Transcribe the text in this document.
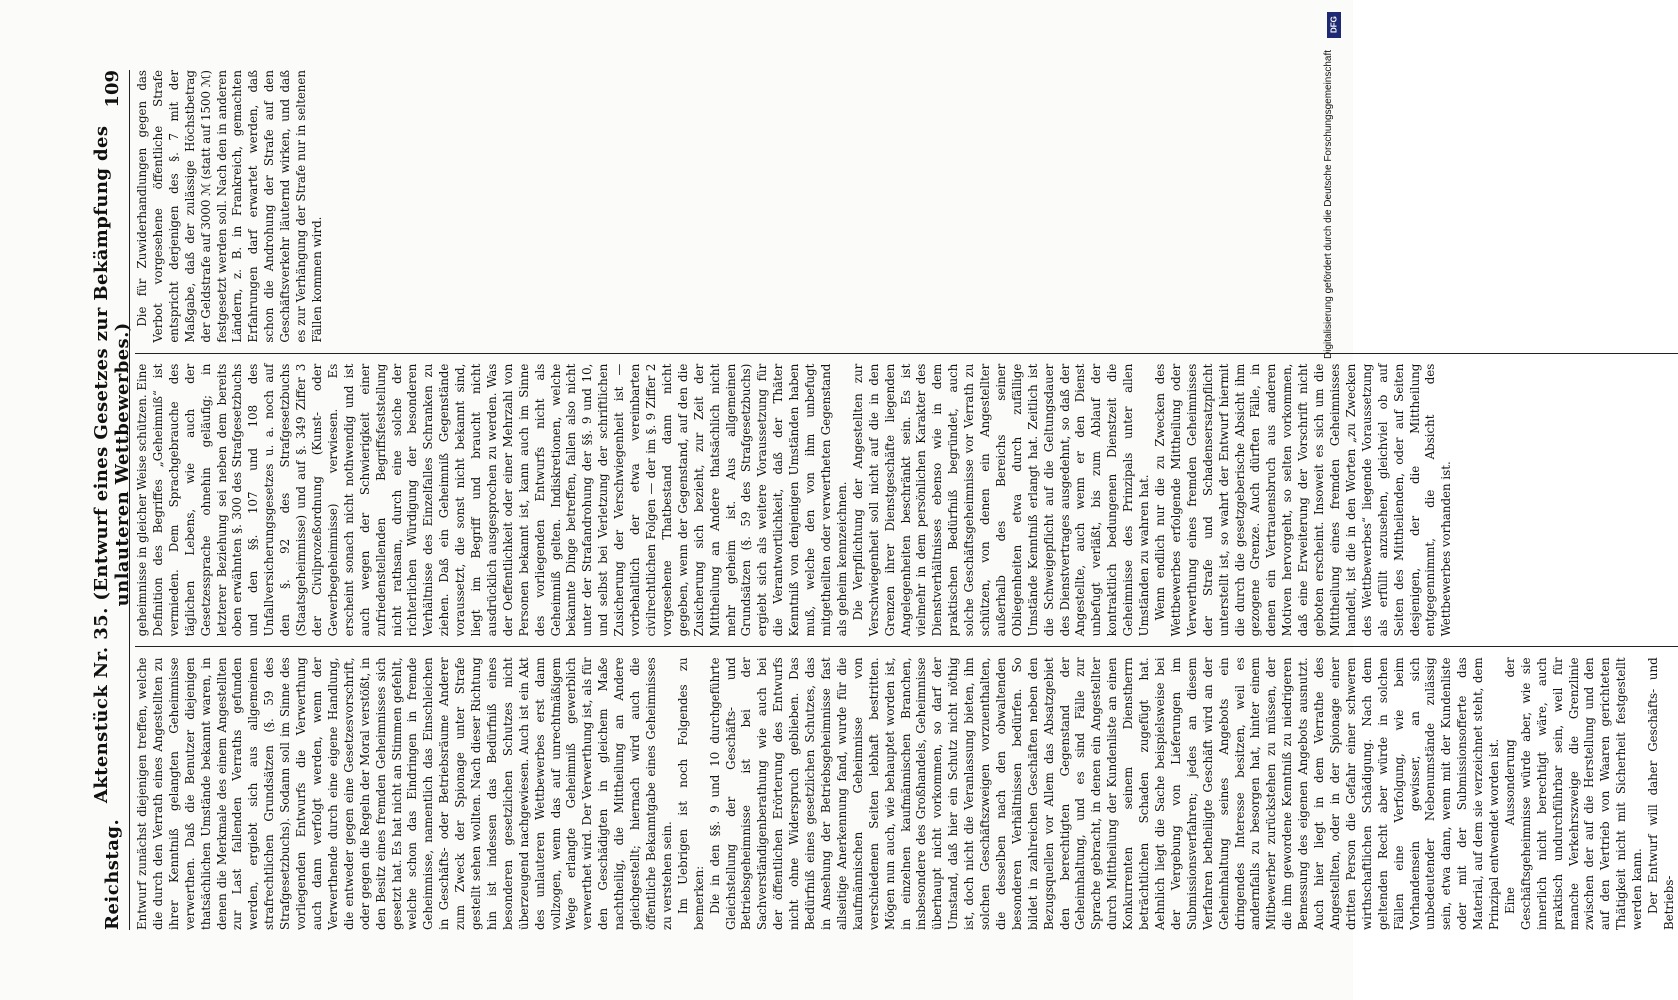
Reichstag.
Aktenstück Nr. 35. (Entwurf eines Gesetzes zur Bekämpfung des unlauteren Wettbewerbes.)
109

Entwurf zunächst diejenigen treffen, welche die durch den Verrath eines Angestellten zu ihrer Kenntniß gelangten Geheimnisse verwerthen. Daß die Benutzer diejenigen thatsächlichen Umstände bekannt waren, in denen die Merkmale des einem Angestellten zur Last fallenden Verraths gefunden werden, ergiebt sich aus allgemeinen strafrechtlichen Grundsätzen (§. 59 des Strafgesetzbuchs). Sodann soll im Sinne des vorliegenden Entwurfs die Verwerthung auch dann verfolgt werden, wenn der Verwerthende durch eine eigene Handlung, die entweder gegen eine Gesetzesvorschrift, oder gegen die Regeln der Moral verstößt, in den Besitz eines fremden Geheimnisses sich gesetzt hat. Es hat nicht an Stimmen gefehlt, welche schon das Eindringen in fremde Geheimnisse, namentlich das Einschleichen in Geschäfts- oder Betriebsräume Anderer zum Zweck der Spionage unter Strafe gestellt sehen wollten. Nach dieser Richtung hin ist indessen das Bedürfniß eines besonderen gesetzlichen Schutzes nicht überzeugend nachgewiesen. Auch ist ein Akt des unlauteren Wettbewerbes erst dann vollzogen, wenn das auf unrechtmäßigem Wege erlangte Geheimniß gewerblich verwerthet wird. Der Verwerthung ist, als für den Geschädigten in gleichem Maße nachtheilig, die Mittheilung an Andere gleichgestellt; hiernach wird auch die öffentliche Bekanntgabe eines Geheimnisses zu verstehen sein. Im Uebrigen ist noch Folgendes zu bemerken: Die in den §§. 9 und 10 durchgeführte Gleichstellung der Geschäfts- und Betriebsgeheimnisse ist bei der Sachverständigenberathung wie auch bei der öffentlichen Erörterung des Entwurfs nicht ohne Widerspruch geblieben. Das Bedürfniß eines gesetzlichen Schutzes, das in Ansehung der Betriebsgeheimnisse fast allseitige Anerkennung fand, wurde für die kaufmännischen Geheimnisse von verschiedenen Seiten lebhaft bestritten. Mögen nun auch, wie behauptet worden ist, in einzelnen kaufmännischen Branchen, insbesondere des Großhandels, Geheimnisse überhaupt nicht vorkommen, so darf der Umstand, daß hier ein Schutz nicht nöthig ist, doch nicht die Veranlassung bieten, ihn solchen Geschäftszweigen vorzuenthalten, die desselben nach den obwaltenden besonderen Verhältnissen bedürfen. So bildet in zahlreichen Geschäften neben den Bezugsquellen vor Allem das Absatzgebiet den berechtigten Gegenstand der Geheimhaltung, und es sind Fälle zur Sprache gebracht, in denen ein Angestellter durch Mittheilung der Kundenliste an einen Konkurrenten seinem Dienstherrn beträchtlichen Schaden zugefügt hat. Aehnlich liegt die Sache beispielsweise bei der Vergebung von Lieferungen im Submissionsverfahren; jedes an diesem Verfahren betheiligte Geschäft wird an der Geheimhaltung seines Angebots ein dringendes Interesse besitzen, weil es andernfalls zu besorgen hat, hinter einem Mitbewerber zurückstehen zu müssen, der die ihm gewordene Kenntniß zu niedrigeren Bemessung des eigenen Angebots ausnutzt. Auch hier liegt in dem Verrathe des Angestellten, oder in der Spionage einer dritten Person die Gefahr einer schweren wirthschaftlichen Schädigung. Nach dem geltenden Recht aber würde in solchen Fällen eine Verfolgung, wie beim Vorhandensein gewisser, an sich unbedeutender Nebenumstände zulässig sein, etwa dann, wenn mit der Kundenliste oder mit der Submissionsofferte das Material, auf dem sie verzeichnet steht, dem Prinzipal entwendet worden ist. Eine Aussonderung der Geschäftsgeheimnisse würde aber, wie sie innerlich nicht berechtigt wäre, auch praktisch undurchführbar sein, weil für manche Verkehrszweige die Grenzlinie zwischen der auf die Herstellung und den auf den Vertrieb von Waaren gerichteten Thätigkeit nicht mit Sicherheit festgestellt werden kann. Der Entwurf will daher Geschäfts- und Betriebs-

geheimnisse in gleicher Weise schützen. Eine Definition des Begriffes „Geheimniß“ ist vermieden. Dem Sprachgebrauche des täglichen Lebens, wie auch der Gesetzessprache ohnehin geläufig; in letzterer Beziehung sei neben dem bereits oben erwähnten §. 300 des Strafgesetzbuchs und den §§. 107 und 108 des Unfallversicherungsgesetzes u. a. noch auf den §. 92 des Strafgesetzbuchs (Staatsgeheimnisse) und auf §. 349 Ziffer 3 der Civilprozeßordnung (Kunst- oder Gewerbegeheimnisse) verwiesen. Es erscheint sonach nicht nothwendig und ist auch wegen der Schwierigkeit einer zufriedenstellenden Begriffsfeststellung nicht rathsam, durch eine solche der richterlichen Würdigung der besonderen Verhältnisse des Einzelfalles Schranken zu ziehen. Daß ein Geheimniß Gegenstände voraussetzt, die sonst nicht bekannt sind, liegt im Begriff und braucht nicht ausdrücklich ausgesprochen zu werden. Was der Oeffentlichkeit oder einer Mehrzahl von Personen bekannt ist, kann auch im Sinne des vorliegenden Entwurfs nicht als Geheimniß gelten. Indiskretionen, welche bekannte Dinge betreffen, fallen also nicht unter der Strafandrohung der §§. 9 und 10, und selbst bei Verletzung der schriftlichen Zusicherung der Verschwiegenheit ist — vorbehaltlich der etwa vereinbarten civilrechtlichen Folgen — der im §. 9 Ziffer 2 vorgesehene Thatbestand dann nicht gegeben, wenn der Gegenstand, auf den die Zusicherung sich bezieht, zur Zeit der Mittheilung an Andere thatsächlich nicht mehr geheim ist. Aus allgemeinen Grundsätzen (§. 59 des Strafgesetzbuchs) ergiebt sich als weitere Voraussetzung für die Verantwortlichkeit, daß der Thäter Kenntniß von denjenigen Umständen haben muß, welche den von ihm unbefugt mitgetheilten oder verwertheten Gegenstand als geheim kennzeichnen. Die Verpflichtung der Angestellten zur Verschwiegenheit soll nicht auf die in den Grenzen ihrer Dienstgeschäfte liegenden Angelegenheiten beschränkt sein. Es ist vielmehr in dem persönlichen Karakter des Dienstverhältnisses ebenso wie in dem praktischen Bedürfniß begründet, auch solche Geschäftsgeheimnisse vor Verrath zu schützen, von denen ein Angestellter außerhalb des Bereichs seiner Obliegenheiten etwa durch zufällige Umstände Kenntniß erlangt hat. Zeitlich ist die Schweigepflicht auf die Geltungsdauer des Dienstvertrages ausgedehnt, so daß der Angestellte, auch wenn er den Dienst unbefugt verläßt, bis zum Ablauf der kontraktlich bedungenen Dienstzeit die Geheimnisse des Prinzipals unter allen Umständen zu wahren hat. Wenn endlich nur die zu Zwecken des Wettbewerbes erfolgende Mittheilung oder Verwerthung eines fremden Geheimnisses der Strafe und Schadensersatzpflicht unterstellt ist, so wahrt der Entwurf hiermit die durch die gesetzgeberische Absicht ihm gezogene Grenze. Auch dürften Fälle, in denen ein Vertrauensbruch aus anderen Motiven hervorgeht, so selten vorkommen, daß eine Erweiterung der Vorschrift nicht geboten erscheint. Insoweit es sich um die Mittheilung eines fremden Geheimnisses handelt, ist die in den Worten „zu Zwecken des Wettbewerbes“ liegende Voraussetzung als erfüllt anzusehen, gleichviel ob auf Seiten des Mittheilenden, oder auf Seiten desjenigen, der die Mittheilung entgegennimmt, die Absicht des Wettbewerbes vorhanden ist.

Die für Zuwiderhandlungen gegen das Verbot vorgesehene öffentliche Strafe entspricht derjenigen des §. 7 mit der Maßgabe, daß der zulässige Höchstbetrag der Geldstrafe auf 3000 ℳ (statt auf 1500 ℳ) festgesetzt werden soll. Nach den in anderen Ländern, z. B. in Frankreich, gemachten Erfahrungen darf erwartet werden, daß schon die Androhung der Strafe auf den Geschäftsverkehr läuternd wirken, und daß es zur Verhängung der Strafe nur in seltenen Fällen kommen wird.	Digitalisierung gefördert durch die Deutsche Forschungsgemeinschaft
DFG
